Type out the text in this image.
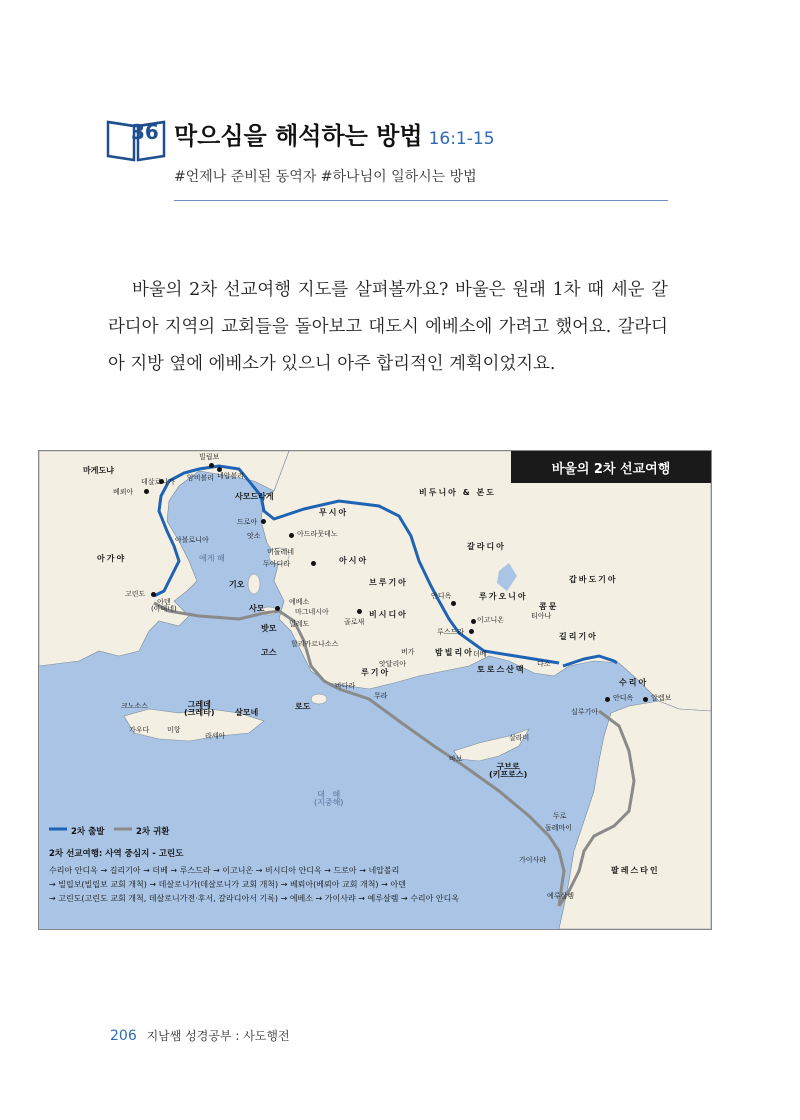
36 막으심을 해석하는 방법 16:1-15
#언제나 준비된 동역자 #하나님이 일하시는 방법

바울의 2차 선교여행 지도를 살펴볼까요? 바울은 원래 1차 때 세운 갈라디아 지역의 교회들을 돌아보고 대도시 에베소에 가려고 했어요. 갈라디아 지방 옆에 에베소가 있으니 아주 합리적인 계획이었지요.

바울의 2차 선교여행
마게도냐
비두니아 & 본도
무시아
갈라디아
아시아
브루기아
아가야
갑바도기아
루가오니아
콤문
길리기아
밤빌리아
비시디아
루기아	토로스산맥
수리아
팔레스타인
에게 해
그레데
(크레타)
구브로
(키프로스)
대   해
(지중해)
빌립보
암비볼리 네압볼리
데살로니가
베뢰아
아볼로니아
사모드라게
드로아
앗소	아드라뭇데노
미둘레네
두아디라
기오
사모
에베소
마그네시아
밀레도
밧모
할리카르나소스
고스
고린도
아덴
(아테네)
골로새
안디옥
루스드라
이고니온
더베
티아나
다소
버가
앗달리아
바다라
무라
로도
크노소스
가우다	미항
라세아
살모네
살라미
바보
안디옥
실루기아
알렙보
두로
돌레마이
가이사랴
예루살렘
2차 출발	2차 귀환
2차 선교여행: 사역 중심지 - 고린도
수리아 안디옥 → 길리기아 → 더베 → 루스드라 → 이고니온 → 비시디아 안디옥 → 드로아 → 네압볼리
→ 빌립보(빌립보 교회 개척) → 데살로니가(데살로니가 교회 개척) → 베뢰아(베뢰아 교회 개척) → 아덴
→ 고린도(고린도 교회 개척, 데살로니가전·후서, 갈라디아서 기록) → 에베소 → 가이사랴 → 예루살렘 → 수리아 안디옥
206 지남쌤 성경공부 : 사도행전
